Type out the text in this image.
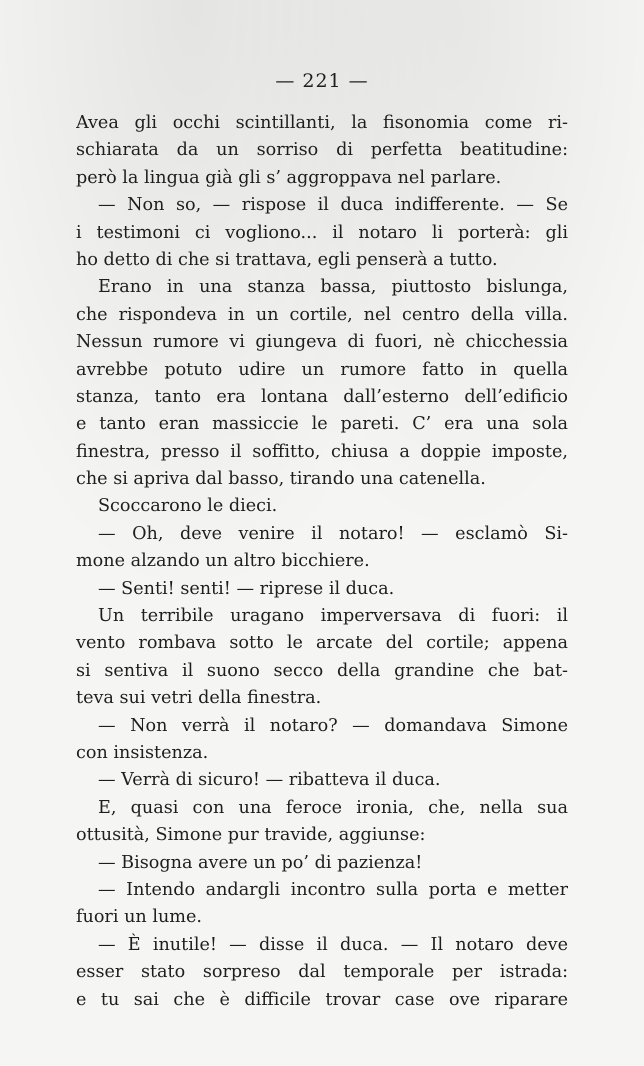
— 221 —
Avea gli occhi scintillanti, la fisonomia come ri-
schiarata da un sorriso di perfetta beatitudine:
però la lingua già gli s’ aggroppava nel parlare.
— Non so, — rispose il duca indifferente. — Se
i testimoni ci vogliono... il notaro li porterà: gli
ho detto di che si trattava, egli penserà a tutto.
Erano in una stanza bassa, piuttosto bislunga,
che rispondeva in un cortile, nel centro della villa.
Nessun rumore vi giungeva di fuori, nè chicchessia
avrebbe potuto udire un rumore fatto in quella
stanza, tanto era lontana dall’esterno dell’edificio
e tanto eran massiccie le pareti. C’ era una sola
finestra, presso il soffitto, chiusa a doppie imposte,
che si apriva dal basso, tirando una catenella.
Scoccarono le dieci.
— Oh, deve venire il notaro! — esclamò Si-
mone alzando un altro bicchiere.
— Senti! senti! — riprese il duca.
Un terribile uragano imperversava di fuori: il
vento rombava sotto le arcate del cortile; appena
si sentiva il suono secco della grandine che bat-
teva sui vetri della finestra.
— Non verrà il notaro? — domandava Simone
con insistenza.
— Verrà di sicuro! — ribatteva il duca.
E, quasi con una feroce ironia, che, nella sua
ottusità, Simone pur travide, aggiunse:
— Bisogna avere un po’ di pazienza!
— Intendo andargli incontro sulla porta e metter
fuori un lume.
— È inutile! — disse il duca. — Il notaro deve
esser stato sorpreso dal temporale per istrada:
e tu sai che è difficile trovar case ove riparare
